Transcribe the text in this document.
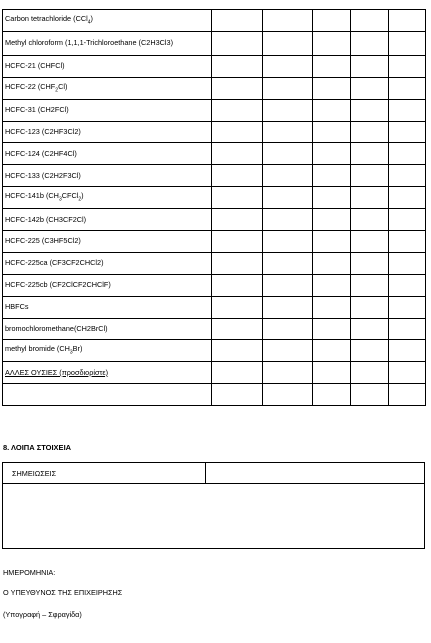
Carbon tetrachloride (CCl$_4$)					
Methyl chloroform (1,1,1-Trichloroethane (C2H3Cl3)					
HCFC-21 (CHFCl)					
HCFC-22 $(CHF_2Cl)$					
HCFC-31 (CH2FCl)					
HCFC-123 (C2HF3Cl2)					
HCFC-124 (C2HF4Cl)					
HCFC-133 (C2H2F3Cl)					
HCFC-141b $(CH_3CFCl_2)$					
HCFC-142b (CH3CF2Cl)					
HCFC-225 (C3HF5Cl2)					
HCFC-225ca (CF3CF2CHCl2)					
HCFC-225cb (CF2ClCF2CHClF)					
HBFCs					
bromochloromethane(CH2BrCl)					
methyl bromide $(CH_3Br)$					
ΑΛΛΕΣ ΟΥΣΙΕΣ (προσδιορίστε)					

8. ΛΟΙΠΑ ΣΤΟΙΧΕΙΑ
ΣΗΜΕΙΩΣΕΙΣ
ΗΜΕΡΟΜΗΝΙΑ:
Ο ΥΠΕΥΘΥΝΟΣ ΤΗΣ ΕΠΙΧΕΙΡΗΣΗΣ
(Υπογραφή – Σφραγίδα)
